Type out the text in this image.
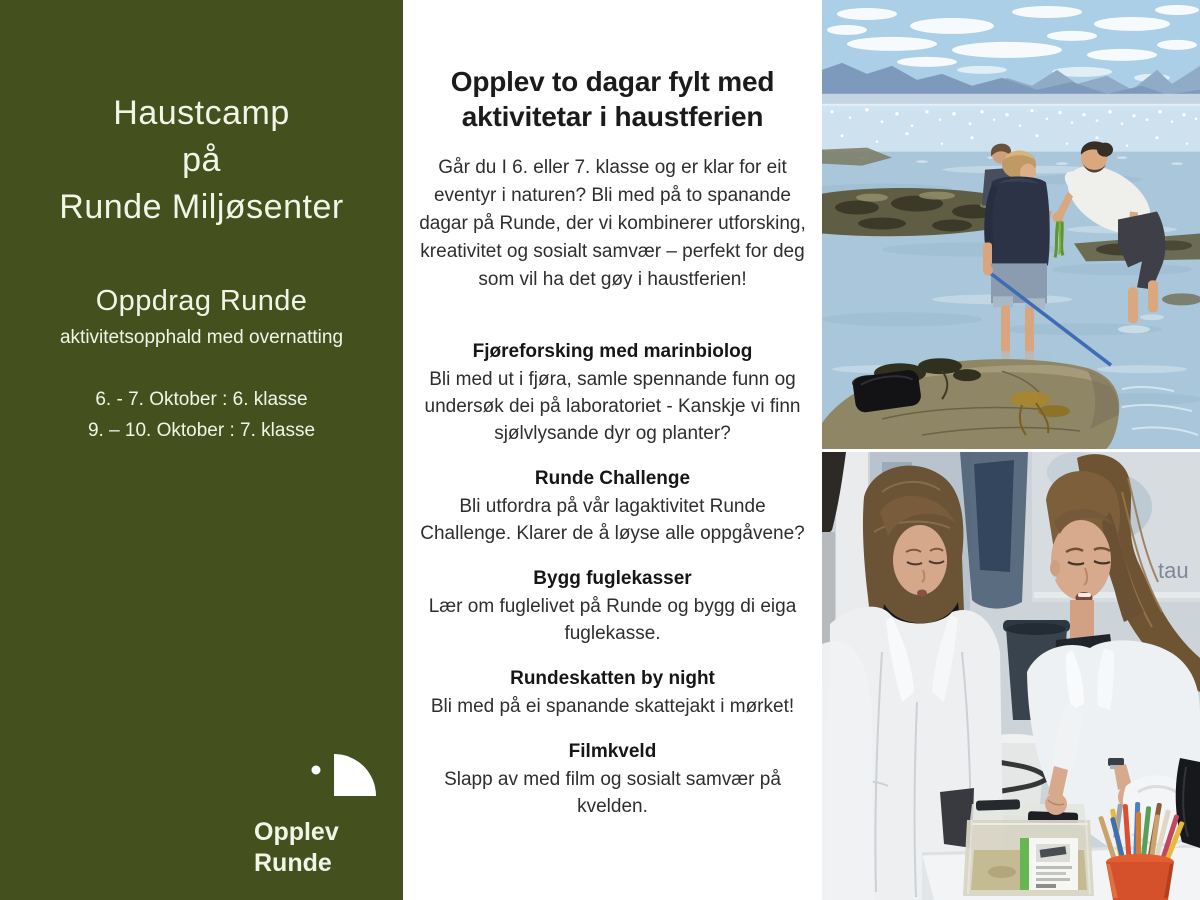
Haustcamp
på
Runde Miljøsenter
Oppdrag Runde
aktivitetsopphald med overnatting
6. - 7. Oktober : 6. klasse
9. – 10. Oktober : 7. klasse
Opplev
Runde
Opplev to dagar fylt med
aktivitetar i haustferien
Går du I 6. eller 7. klasse og er klar for eit eventyr i naturen? Bli med på to spanande dagar på Runde, der vi kombinerer utforsking, kreativitet og sosialt samvær – perfekt for deg som vil ha det gøy i haustferien!
Fjøreforsking med marinbiolog
Bli med ut i fjøra, samle spennande funn og undersøk dei på laboratoriet - Kanskje vi finn sjølvlysande dyr og planter?
Runde Challenge
Bli utfordra på vår lagaktivitet Runde Challenge. Klarer de å løyse alle oppgåvene?
Bygg fuglekasser
Lær om fuglelivet på Runde og bygg di eiga fuglekasse.
Rundeskatten by night
Bli med på ei spanande skattejakt i mørket!
Filmkveld
Slapp av med film og sosialt samvær på kvelden.
tau
